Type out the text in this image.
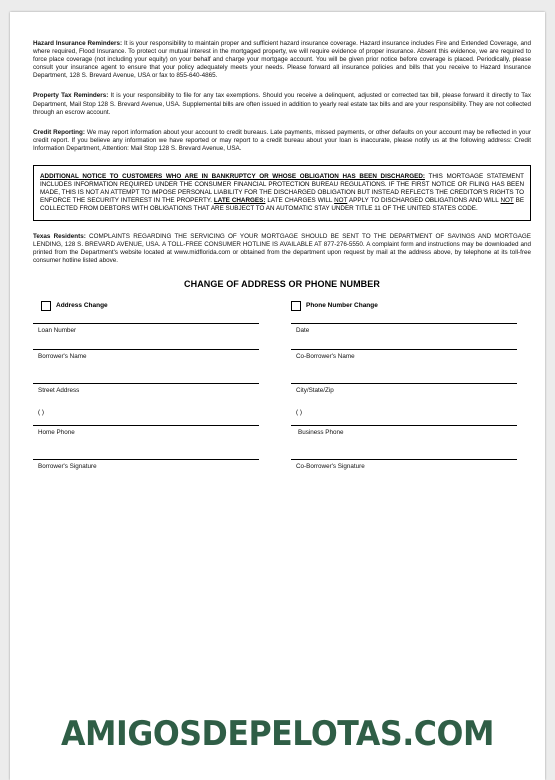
Hazard Insurance Reminders: It is your responsibility to maintain proper and sufficient hazard insurance coverage. Hazard insurance includes Fire and Extended Coverage, and where required, Flood Insurance. To protect our mutual interest in the mortgaged property, we will require evidence of proper insurance. Absent this evidence, we are required to force place coverage (not including your equity) on your behalf and charge your mortgage account. You will be given prior notice before coverage is placed. Periodically, please consult your insurance agent to ensure that your policy adequately meets your needs. Please forward all insurance policies and bills that you receive to Hazard Insurance Department, 128 S. Brevard Avenue, USA or fax to 855-640-4865.

Property Tax Reminders: It is your responsibility to file for any tax exemptions. Should you receive a delinquent, adjusted or corrected tax bill, please forward it directly to Tax Department, Mail Stop 128 S. Brevard Avenue, USA. Supplemental bills are often issued in addition to yearly real estate tax bills and are your responsibility. They are not collected through an escrow account.

Credit Reporting: We may report information about your account to credit bureaus. Late payments, missed payments, or other defaults on your account may be reflected in your credit report. If you believe any information we have reported or may report to a credit bureau about your loan is inaccurate, please notify us at the following address: Credit Information Department, Attention: Mail Stop 128 S. Brevard Avenue, USA.

ADDITIONAL NOTICE TO CUSTOMERS WHO ARE IN BANKRUPTCY OR WHOSE OBLIGATION HAS BEEN DISCHARGED: THIS MORTGAGE STATEMENT INCLUDES INFORMATION REQUIRED UNDER THE CONSUMER FINANCIAL PROTECTION BUREAU REGULATIONS. IF THE FIRST NOTICE OR FILING HAS BEEN MADE, THIS IS NOT AN ATTEMPT TO IMPOSE PERSONAL LIABILITY FOR THE DISCHARGED OBLIGATION BUT INSTEAD REFLECTS THE CREDITOR'S RIGHTS TO ENFORCE THE SECURITY INTEREST IN THE PROPERTY. LATE CHARGES: LATE CHARGES WILL NOT APPLY TO DISCHARGED OBLIGATIONS AND WILL NOT BE COLLECTED FROM DEBTORS WITH OBLIGATIONS THAT ARE SUBJECT TO AN AUTOMATIC STAY UNDER TITLE 11 OF THE UNITED STATES CODE.

Texas Residents: COMPLAINTS REGARDING THE SERVICING OF YOUR MORTGAGE SHOULD BE SENT TO THE DEPARTMENT OF SAVINGS AND MORTGAGE LENDING, 128 S. BREVARD AVENUE, USA. A TOLL-FREE CONSUMER HOTLINE IS AVAILABLE AT 877-276-5550. A complaint form and instructions may be downloaded and printed from the Department's website located at www.midflorida.com or obtained from the department upon request by mail at the address above, by telephone at its toll-free consumer hotline listed above.

CHANGE OF ADDRESS OR PHONE NUMBER
Address Change	Phone Number Change
Loan Number	Date
Borrower's Name	Co-Borrower's Name
Street Address	City/State/Zip
( )	( )
Home Phone	Business Phone
Borrower's Signature	Co-Borrower's Signature
AMIGOSDEPELOTAS.COM
